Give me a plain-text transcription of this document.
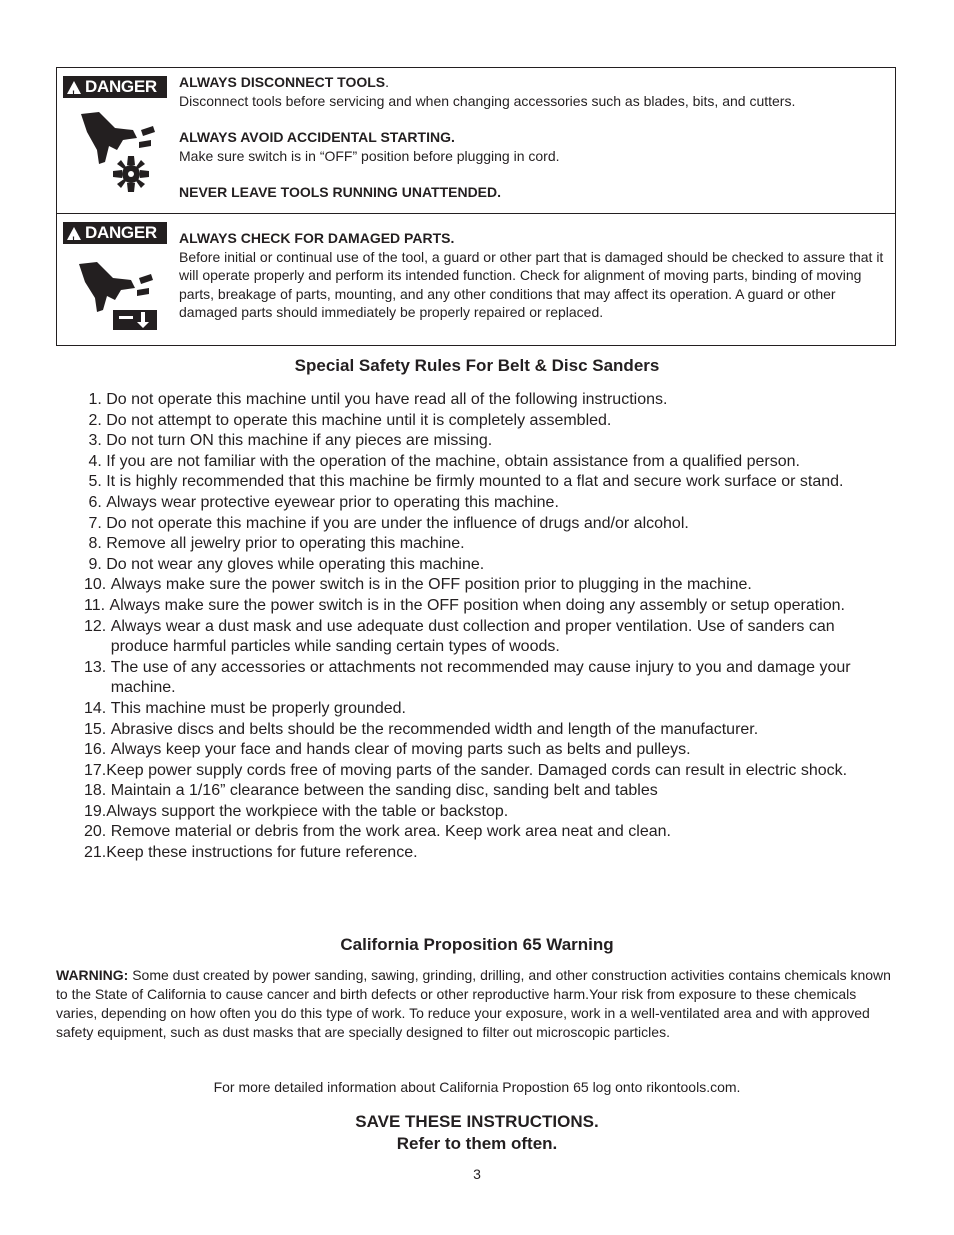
!
DANGER ALWAYS DISCONNECT TOOLS.
Disconnect tools before servicing and when changing accessories such as blades, bits, and cutters.
ALWAYS AVOID ACCIDENTAL STARTING.
Make sure switch is in “OFF” position before plugging in cord.
NEVER LEAVE TOOLS RUNNING UNATTENDED.
!
DANGER ALWAYS CHECK FOR DAMAGED PARTS.
Before initial or continual use of the tool, a guard or other part that is damaged should be checked to assure that it will operate properly and perform its intended function. Check for alignment of moving parts, binding of moving parts, breakage of parts, mounting, and any other conditions that may affect its operation. A guard or other damaged parts should immediately be properly repaired or replaced.
Special Safety Rules For Belt & Disc Sanders
1. Do not operate this machine until you have read all of the following instructions.
2. Do not attempt to operate this machine until it is completely assembled.
3. Do not turn ON this machine if any pieces are missing.
4. If you are not familiar with the operation of the machine, obtain assistance from a qualified person.
5. It is highly recommended that this machine be firmly mounted to a flat and secure work surface or stand.
6. Always wear protective eyewear prior to operating this machine.
7. Do not operate this machine if you are under the influence of drugs and/or alcohol.
8. Remove all jewelry prior to operating this machine.
9. Do not wear any gloves while operating this machine.
10. Always make sure the power switch is in the OFF position prior to plugging in the machine.
11. Always make sure the power switch is in the OFF position when doing any assembly or setup operation.
12. Always wear a dust mask and use adequate dust collection and proper ventilation. Use of sanders can produce harmful particles while sanding certain types of woods.
13. The use of any accessories or attachments not recommended may cause injury to you and damage your machine.
14. This machine must be properly grounded.
15. Abrasive discs and belts should be the recommended width and length of the manufacturer.
16. Always keep your face and hands clear of moving parts such as belts and pulleys.
17. Keep power supply cords free of moving parts of the sander. Damaged cords can result in electric shock.
18. Maintain a 1/16” clearance between the sanding disc, sanding belt and tables
19. Always support the workpiece with the table or backstop.
20. Remove material or debris from the work area. Keep work area neat and clean.
21. Keep these instructions for future reference.
California Proposition 65 Warning
WARNING: Some dust created by power sanding, sawing, grinding, drilling, and other construction activities contains chemicals known to the State of California to cause cancer and birth defects or other reproductive harm.Your risk from exposure to these chemicals varies, depending on how often you do this type of work. To reduce your exposure, work in a well-ventilated area and with approved safety equipment, such as dust masks that are specially designed to filter out microscopic particles.
For more detailed information about California Propostion 65 log onto rikontools.com.
SAVE THESE INSTRUCTIONS.
Refer to them often.
3
